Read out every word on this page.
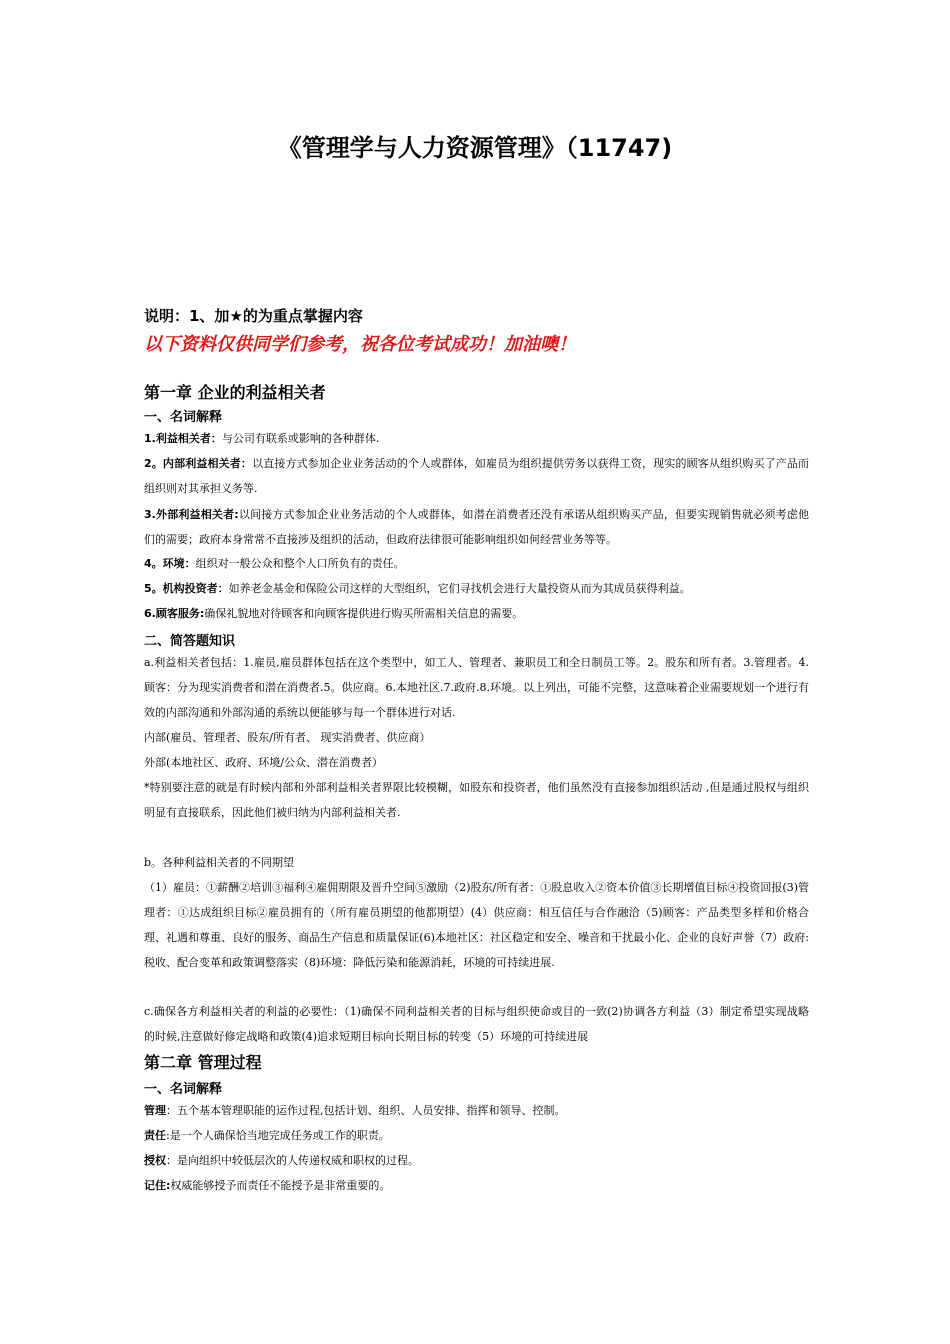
《管理学与人力资源管理》（11747)
说明：1、加★的为重点掌握内容
以下资料仅供同学们参考，祝各位考试成功！加油噢！
第一章 企业的利益相关者
一、名词解释
1.利益相关者：与公司有联系或影响的各种群体.
2。内部利益相关者：以直接方式参加企业业务活动的个人或群体，如雇员为组织提供劳务以获得工资，现实的顾客从组织购买了产品而组织则对其承担义务等.
3.外部利益相关者:以间接方式参加企业业务活动的个人或群体，如潜在消费者还没有承诺从组织购买产品，但要实现销售就必须考虑他们的需要；政府本身常常不直接涉及组织的活动，但政府法律很可能影响组织如何经营业务等等。
4。环境：组织对一般公众和整个人口所负有的责任。
5。机构投资者：如养老金基金和保险公司这样的大型组织，它们寻找机会进行大量投资从而为其成员获得利益。
6.顾客服务:确保礼貌地对待顾客和向顾客提供进行购买所需相关信息的需要。
二、简答题知识
a.利益相关者包括：1.雇员,雇员群体包括在这个类型中，如工人、管理者、兼职员工和全日制员工等。2。股东和所有者。3.管理者。4.顾客：分为现实消费者和潜在消费者.5。供应商。6.本地社区.7.政府.8.环境。以上列出，可能不完整，这意味着企业需要规划一个进行有效的内部沟通和外部沟通的系统以便能够与每一个群体进行对话.
内部(雇员、管理者、股东/所有者、 现实消费者、供应商）
外部(本地社区、政府、环境/公众、潜在消费者）
*特别要注意的就是有时候内部和外部利益相关者界限比较模糊，如股东和投资者，他们虽然没有直接参加组织活动 ,但是通过股权与组织明显有直接联系，因此他们被归纳为内部利益相关者.
b。各种利益相关者的不同期望
（1）雇员：①薪酬②培训③福利④雇佣期限及晋升空间⑤激励（2)股东/所有者：①股息收入②资本价值③长期增值目标④投资回报(3)管理者：①达成组织目标②雇员拥有的（所有雇员期望的他都期望）(4）供应商：相互信任与合作融洽（5)顾客：产品类型多样和价格合理、礼遇和尊重、良好的服务、商品生产信息和质量保证(6)本地社区：社区稳定和安全、噪音和干扰最小化、企业的良好声誉（7）政府:税收、配合变革和政策调整落实（8)环境：降低污染和能源消耗，环境的可持续进展.
c.确保各方利益相关者的利益的必要性：（1)确保不同利益相关者的目标与组织使命或目的一致(2)协调各方利益（3）制定希望实现战略的时候,注意做好修定战略和政策(4)追求短期目标向长期目标的转变（5）环境的可持续进展
第二章 管理过程
一、名词解释
管理：五个基本管理职能的运作过程,包括计划、组织、人员安排、指挥和领导、控制。
责任:是一个人确保恰当地完成任务或工作的职责。
授权：是向组织中较低层次的人传递权威和职权的过程。
记住:权威能够授予而责任不能授予是非常重要的。
